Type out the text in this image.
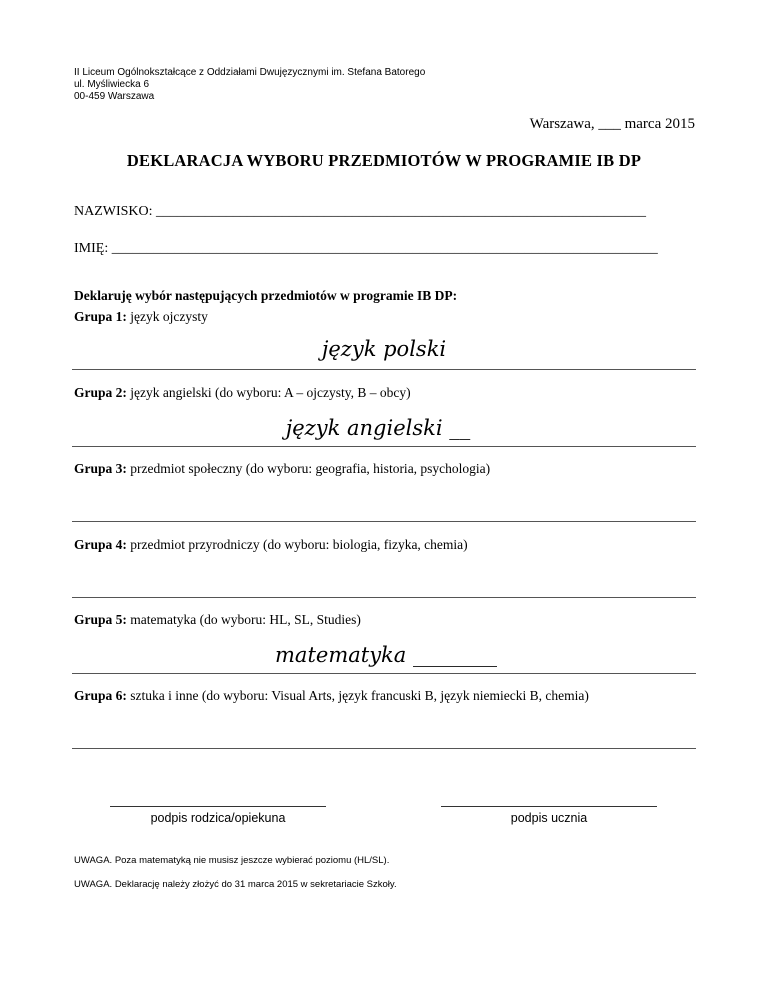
II Liceum Ogólnokształcące z Oddziałami Dwujęzycznymi im. Stefana Batorego
ul. Myśliwiecka 6
00-459 Warszawa
Warszawa, ___ marca 2015
DEKLARACJA WYBORU PRZEDMIOTÓW W PROGRAMIE IB DP
NAZWISKO: ______________________________________________________________________
IMIĘ: ______________________________________________________________________________
Deklaruję wybór następujących przedmiotów w programie IB DP:
Grupa 1: język ojczysty
język polski
Grupa 2: język angielski (do wyboru: A – ojczysty, B – obcy)
język angielski __
Grupa 3: przedmiot społeczny (do wyboru: geografia, historia, psychologia)
Grupa 4: przedmiot przyrodniczy (do wyboru: biologia, fizyka, chemia)
Grupa 5: matematyka (do wyboru: HL, SL, Studies)
matematyka ________
Grupa 6: sztuka i inne (do wyboru: Visual Arts, język francuski B, język niemiecki B, chemia)
podpis rodzica/opiekuna	podpis ucznia
UWAGA. Poza matematyką nie musisz jeszcze wybierać poziomu (HL/SL).
UWAGA. Deklarację należy złożyć do 31 marca 2015 w sekretariacie Szkoły.
